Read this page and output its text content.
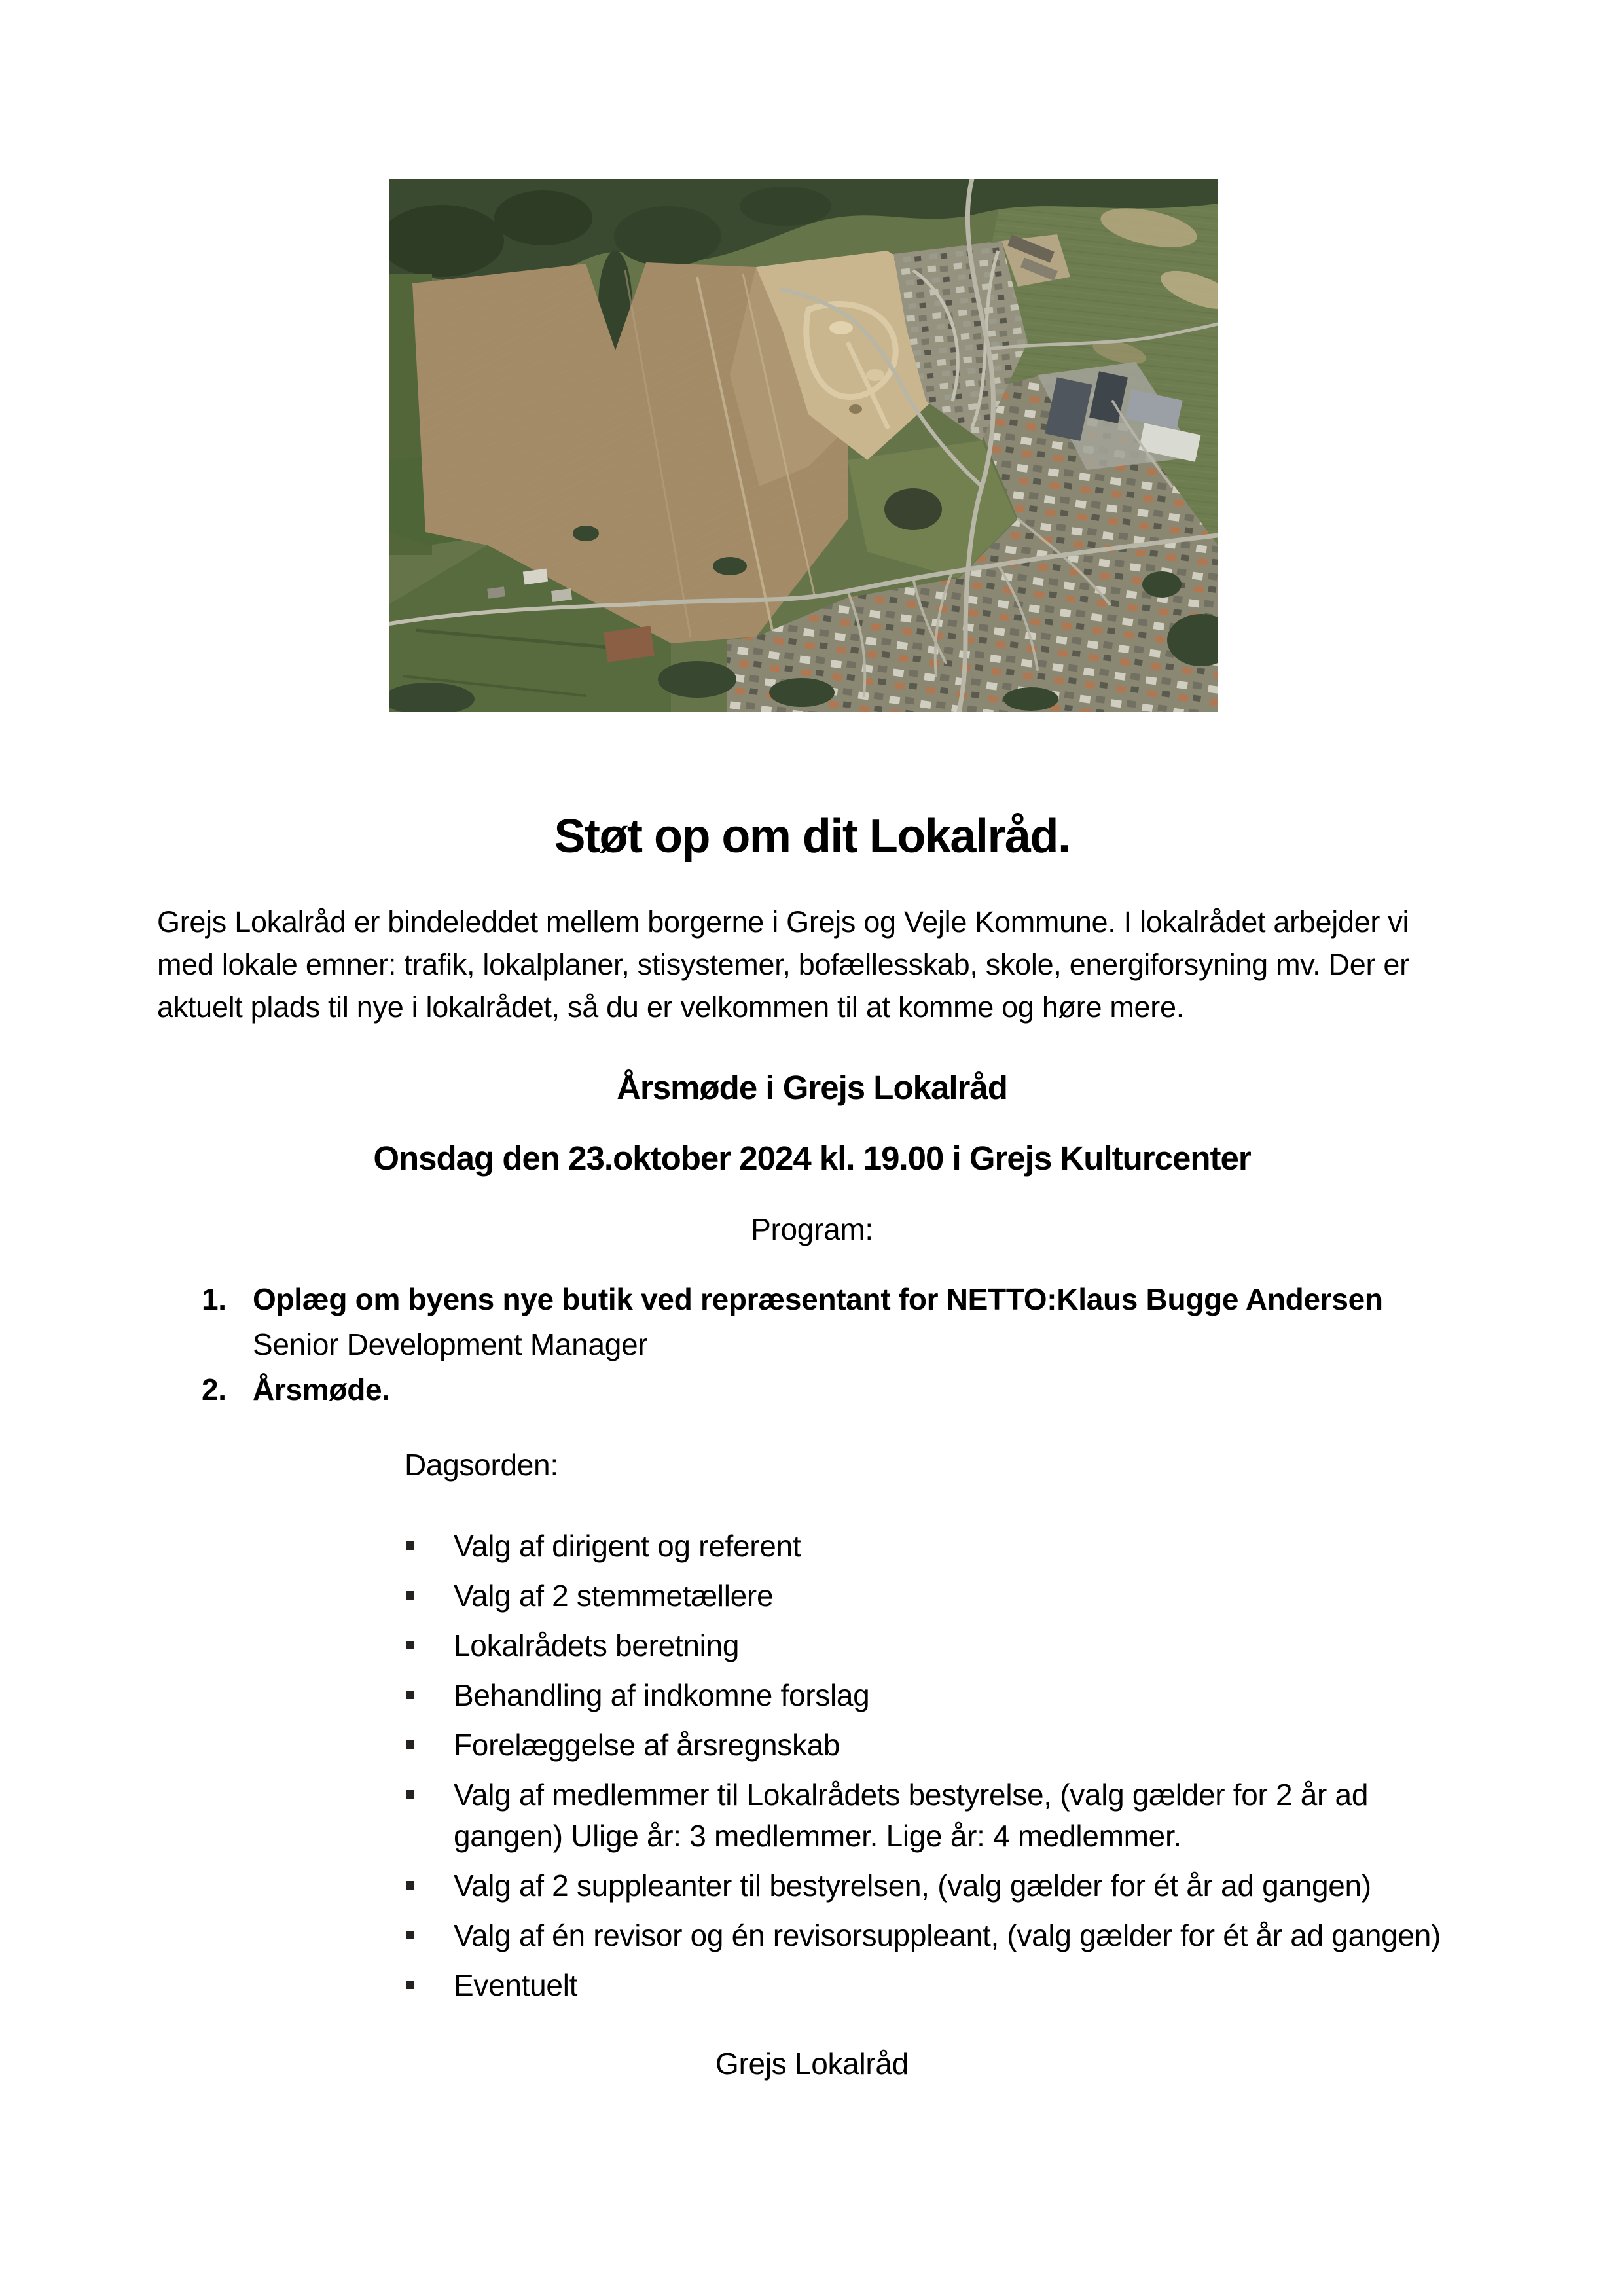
Støt op om dit Lokalråd.

Grejs Lokalråd er bindeleddet mellem borgerne i Grejs og Vejle Kommune. I lokalrådet arbejder vi med lokale emner: trafik, lokalplaner, stisystemer, bofællesskab, skole, energiforsyning mv. Der er aktuelt plads til nye i lokalrådet, så du er velkommen til at komme og høre mere.

Årsmøde i Grejs Lokalråd
Onsdag den 23.oktober 2024 kl. 19.00 i Grejs Kulturcenter
Program:
1. Oplæg om byens nye butik ved repræsentant for NETTO:Klaus Bugge Andersen
Senior Development Manager
2. Årsmøde.
Dagsorden:
Valg af dirigent og referent
Valg af 2 stemmetællere
Lokalrådets beretning
Behandling af indkomne forslag
Forelæggelse af årsregnskab
Valg af medlemmer til Lokalrådets bestyrelse, (valg gælder for 2 år ad gangen) Ulige år: 3 medlemmer. Lige år: 4 medlemmer.
Valg af 2 suppleanter til bestyrelsen, (valg gælder for ét år ad gangen)
Valg af én revisor og én revisorsuppleant, (valg gælder for ét år ad gangen)
Eventuelt
Grejs Lokalråd
